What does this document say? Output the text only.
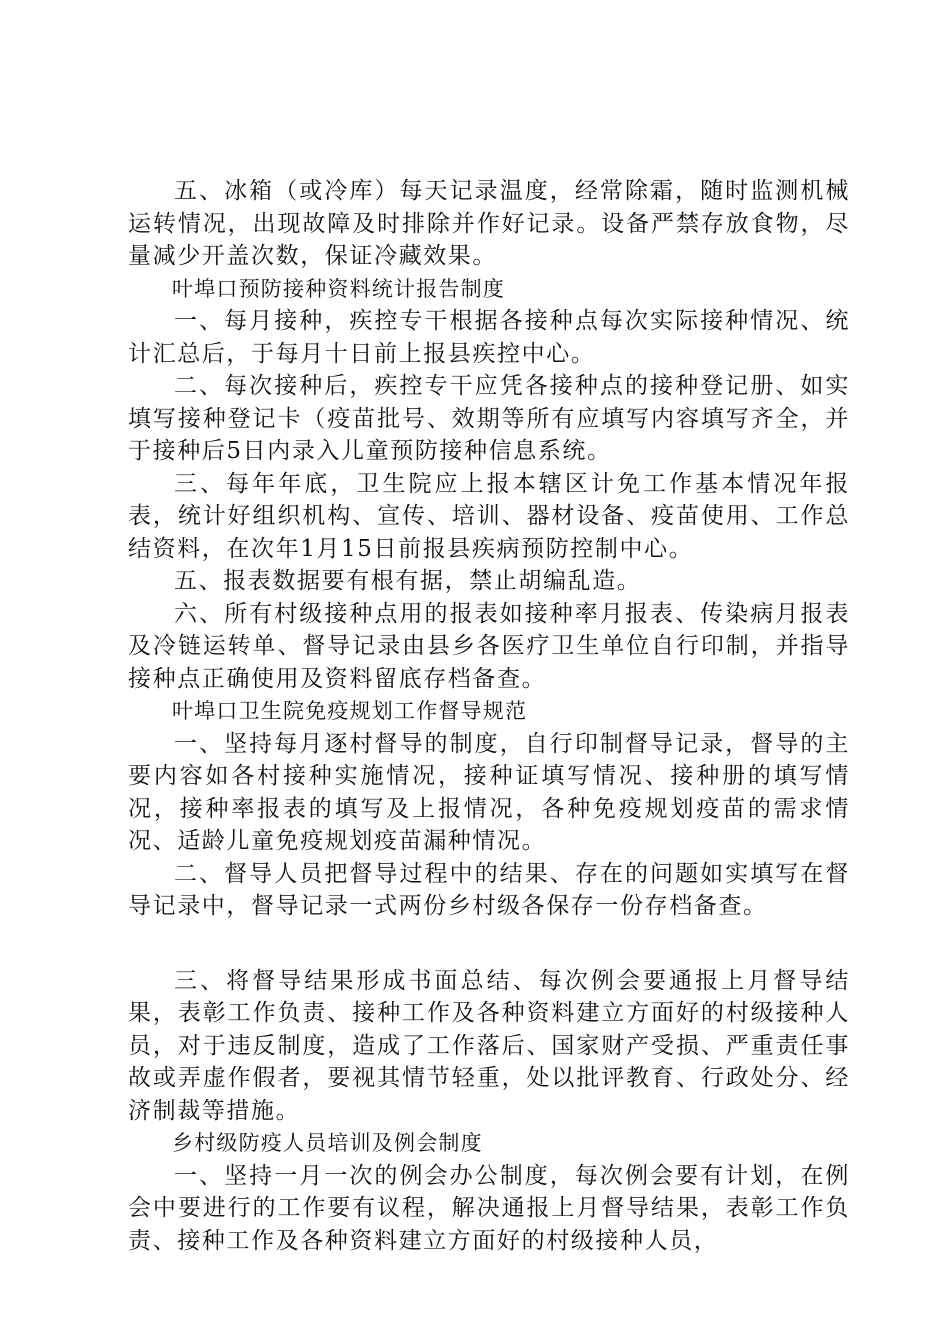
五、冰箱（或冷库）每天记录温度，经常除霜，随时监测机械运转情况，出现故障及时排除并作好记录。设备严禁存放食物，尽量减少开盖次数，保证冷藏效果。

叶埠口预防接种资料统计报告制度

一、每月接种，疾控专干根据各接种点每次实际接种情况、统计汇总后，于每月十日前上报县疾控中心。

二、每次接种后，疾控专干应凭各接种点的接种登记册、如实填写接种登记卡（疫苗批号、效期等所有应填写内容填写齐全，并于接种后5日内录入儿童预防接种信息系统。

三、每年年底，卫生院应上报本辖区计免工作基本情况年报表，统计好组织机构、宣传、培训、器材设备、疫苗使用、工作总结资料，在次年1月15日前报县疾病预防控制中心。

五、报表数据要有根有据，禁止胡编乱造。

六、所有村级接种点用的报表如接种率月报表、传染病月报表及冷链运转单、督导记录由县乡各医疗卫生单位自行印制，并指导接种点正确使用及资料留底存档备查。

叶埠口卫生院免疫规划工作督导规范

一、坚持每月逐村督导的制度，自行印制督导记录，督导的主要内容如各村接种实施情况，接种证填写情况、接种册的填写情况，接种率报表的填写及上报情况，各种免疫规划疫苗的需求情况、适龄儿童免疫规划疫苗漏种情况。

二、督导人员把督导过程中的结果、存在的问题如实填写在督导记录中，督导记录一式两份乡村级各保存一份存档备查。

三、将督导结果形成书面总结、每次例会要通报上月督导结果，表彰工作负责、接种工作及各种资料建立方面好的村级接种人员，对于违反制度，造成了工作落后、国家财产受损、严重责任事故或弄虚作假者，要视其情节轻重，处以批评教育、行政处分、经济制裁等措施。

乡村级防疫人员培训及例会制度

一、坚持一月一次的例会办公制度，每次例会要有计划，在例会中要进行的工作要有议程，解决通报上月督导结果，表彰工作负责、接种工作及各种资料建立方面好的村级接种人员，
